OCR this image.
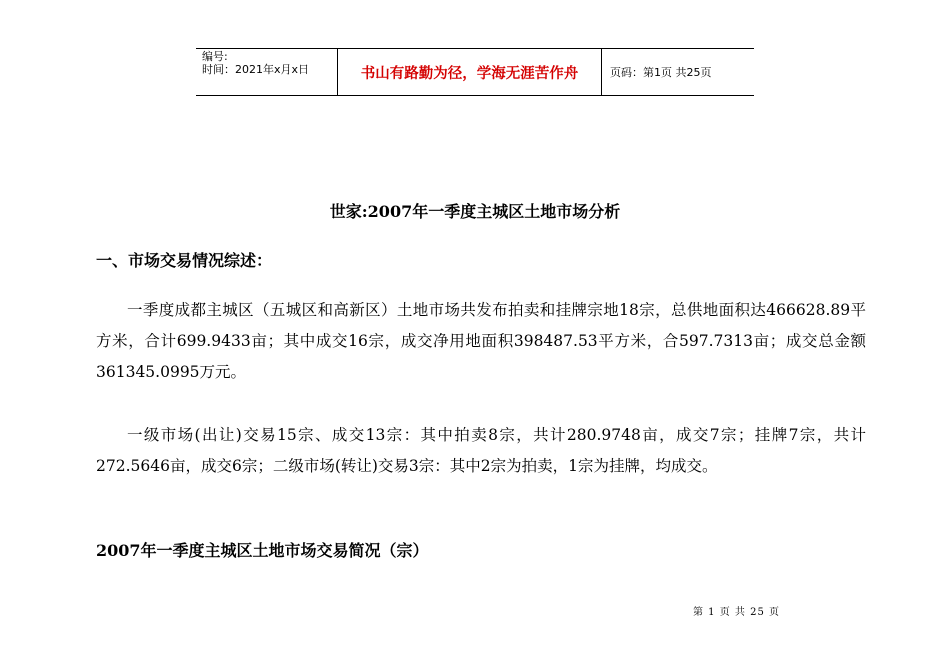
编号:
时间：2021年x月x日	书山有路勤为径，学海无涯苦作舟	页码：第1页 共25页
世家:2007年一季度主城区土地市场分析
一、市场交易情况综述：
一季度成都主城区（五城区和高新区）土地市场共发布拍卖和挂牌宗地18宗，总供地面积达466628.89平方米，合计699.9433亩；其中成交16宗，成交净用地面积398487.53平方米，合597.7313亩；成交总金额361345.0995万元。
一级市场(出让)交易15宗、成交13宗：其中拍卖8宗，共计280.9748亩，成交7宗；挂牌7宗，共计272.5646亩，成交6宗；二级市场(转让)交易3宗：其中2宗为拍卖，1宗为挂牌，均成交。
2007年一季度主城区土地市场交易简况（宗）
第 1 页 共 25 页
